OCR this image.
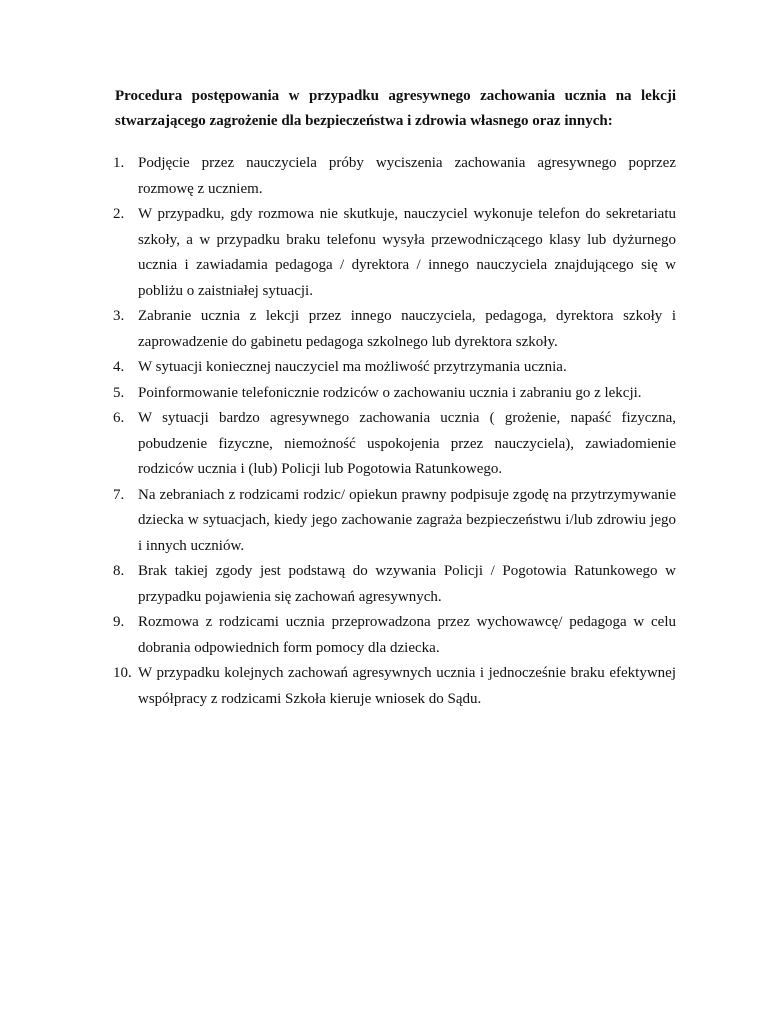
Procedura postępowania w przypadku agresywnego zachowania ucznia na lekcji stwarzającego zagrożenie dla bezpieczeństwa i zdrowia własnego oraz innych:
1. Podjęcie przez nauczyciela próby wyciszenia zachowania agresywnego poprzez rozmowę z uczniem.
2. W przypadku, gdy rozmowa nie skutkuje, nauczyciel wykonuje telefon do sekretariatu szkoły, a w przypadku braku telefonu wysyła przewodniczącego klasy lub dyżurnego ucznia i zawiadamia pedagoga / dyrektora / innego nauczyciela znajdującego się w pobliżu o zaistniałej sytuacji.
3. Zabranie ucznia z lekcji przez innego nauczyciela, pedagoga, dyrektora szkoły i zaprowadzenie do gabinetu pedagoga szkolnego lub dyrektora szkoły.
4. W sytuacji koniecznej nauczyciel ma możliwość przytrzymania ucznia.
5. Poinformowanie telefonicznie rodziców o zachowaniu ucznia i zabraniu go z lekcji.
6. W sytuacji bardzo agresywnego zachowania ucznia ( grożenie, napaść fizyczna, pobudzenie fizyczne, niemożność uspokojenia przez nauczyciela), zawiadomienie rodziców ucznia i (lub) Policji lub Pogotowia Ratunkowego.
7. Na zebraniach z rodzicami rodzic/ opiekun prawny podpisuje zgodę na przytrzymywanie dziecka w sytuacjach, kiedy jego zachowanie zagraża bezpieczeństwu i/lub zdrowiu jego i innych uczniów.
8. Brak takiej zgody jest podstawą do wzywania Policji / Pogotowia Ratunkowego w przypadku pojawienia się zachowań agresywnych.
9. Rozmowa z rodzicami ucznia przeprowadzona przez wychowawcę/ pedagoga w celu dobrania odpowiednich form pomocy dla dziecka.
10. W przypadku kolejnych zachowań agresywnych ucznia i jednocześnie braku efektywnej współpracy z rodzicami Szkoła kieruje wniosek do Sądu.
